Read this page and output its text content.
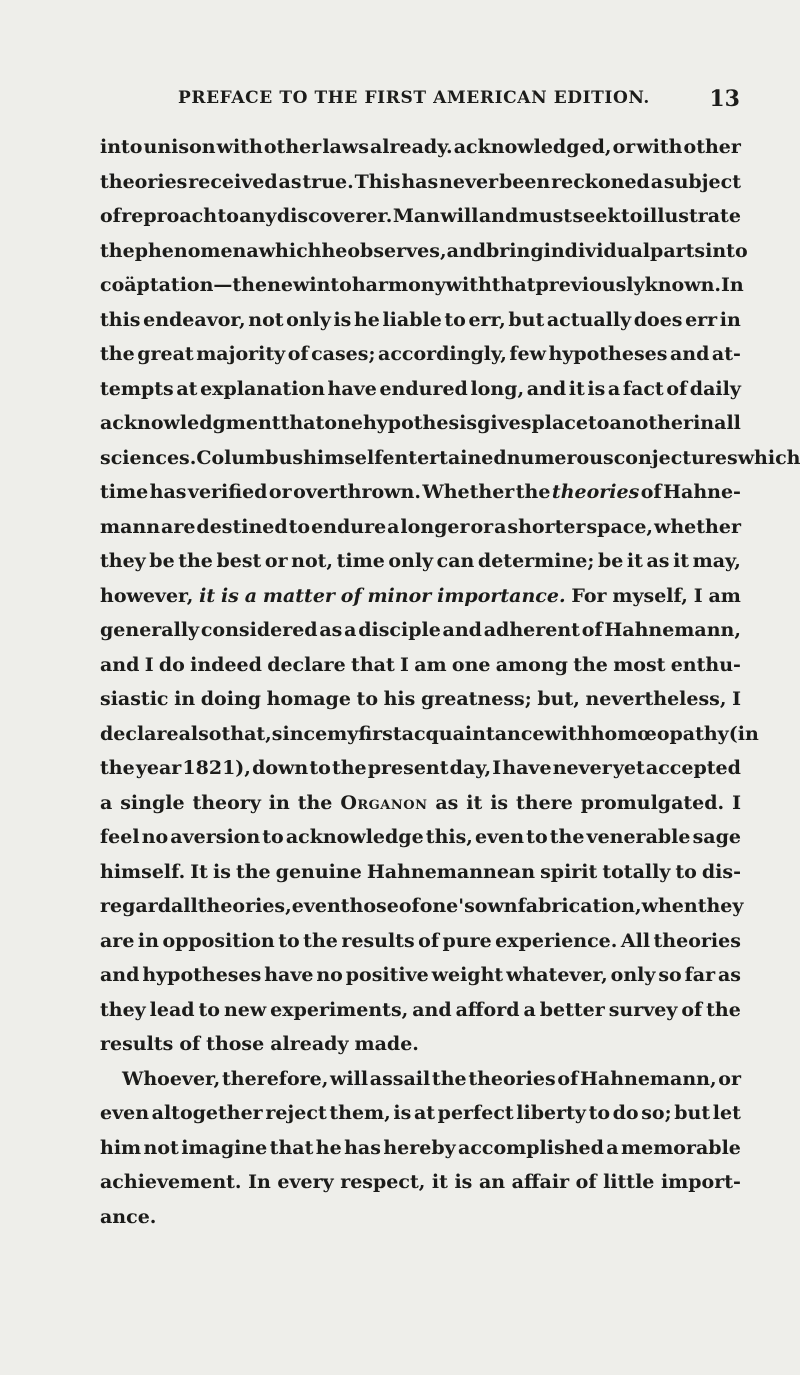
PREFACE TO THE FIRST AMERICAN EDITION.	13
into unison with other laws already. acknowledged, or with other
theories received as true. This has never been reckoned a subject
of reproach to any discoverer. Man will and must seek to illustrate
the phenomena which he observes, and bring individual parts into
coäptation—the new into harmony with that previously known. In
this endeavor, not only is he liable to err, but actually does err in
the great majority of cases; accordingly, few hypotheses and at-
tempts at explanation have endured long, and it is a fact of daily
acknowledgment that one hypothesis gives place to another in all
sciences. Columbus himself entertained numerous conjectures which
time has verified or overthrown. Whether the theories of Hahne-
mann are destined to endure a longer or a shorter space, whether
they be the best or not, time only can determine; be it as it may,
however, it is a matter of minor importance. For myself, I am
generally considered as a disciple and adherent of Hahnemann,
and I do indeed declare that I am one among the most enthu-
siastic in doing homage to his greatness; but, nevertheless, I
declare also that, since my first acquaintance with homœopathy (in
the year 1821), down to the present day, I have never yet accepted
a single theory in the Organon as it is there promulgated. I
feel no aversion to acknowledge this, even to the venerable sage
himself. It is the genuine Hahnemannean spirit totally to dis-
regard all theories, even those of one's own fabrication, when they
are in opposition to the results of pure experience. All theories
and hypotheses have no positive weight whatever, only so far as
they lead to new experiments, and afford a better survey of the
results of those already made.
Whoever, therefore, will assail the theories of Hahnemann, or
even altogether reject them, is at perfect liberty to do so; but let
him not imagine that he has hereby accomplished a memorable
achievement. In every respect, it is an affair of little import-
ance.
